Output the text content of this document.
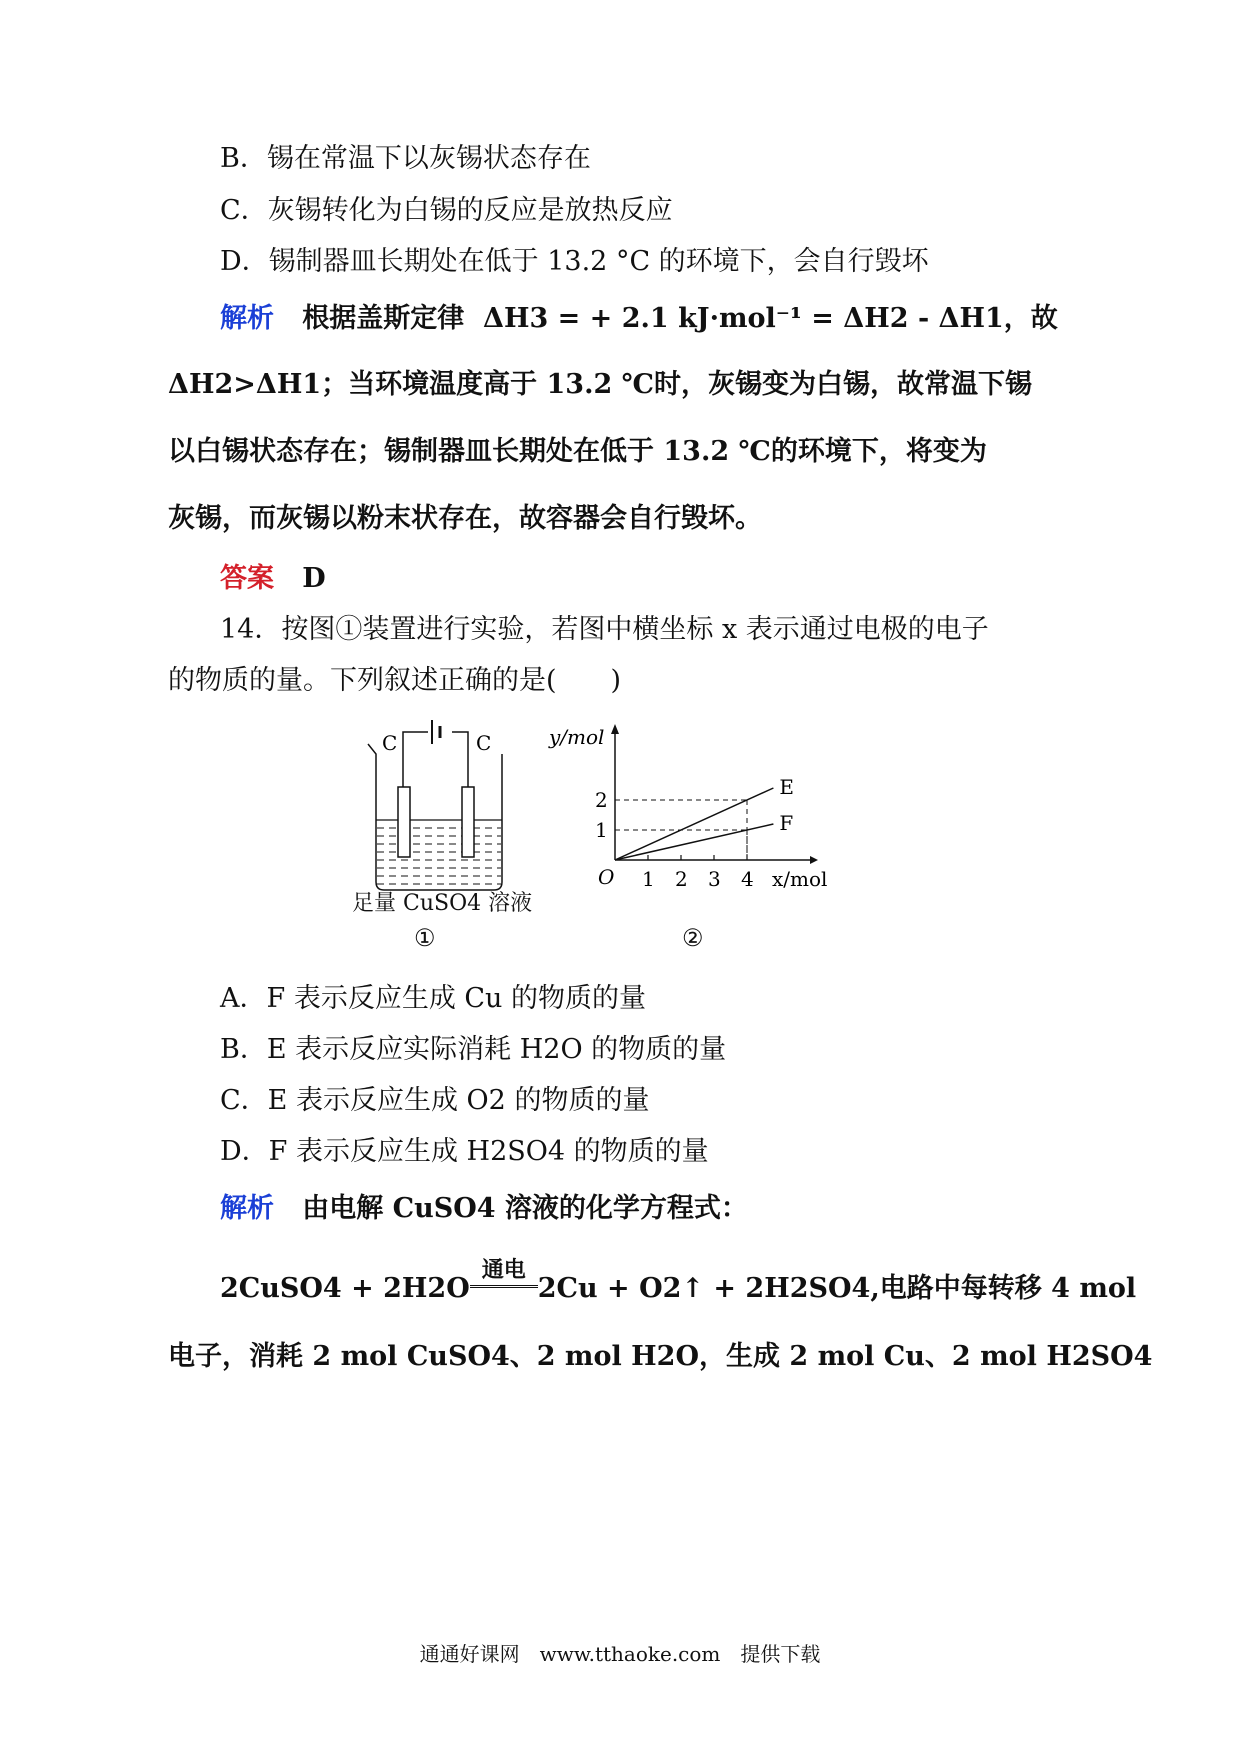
B．锡在常温下以灰锡状态存在
C．灰锡转化为白锡的反应是放热反应
D．锡制器皿长期处在低于 13.2 °C 的环境下，会自行毁坏
解析 根据盖斯定律 ΔH3 = + 2.1 kJ·mol⁻¹ = ΔH2 - ΔH1，故
ΔH2>ΔH1；当环境温度高于 13.2 ℃时，灰锡变为白锡，故常温下锡
以白锡状态存在；锡制器皿长期处在低于 13.2 ℃的环境下，将变为
灰锡，而灰锡以粉末状存在，故容器会自行毁坏。
答案 D
14．按图①装置进行实验，若图中横坐标 x 表示通过电极的电子
的物质的量。下列叙述正确的是(　　)
C	C
足量 CuSO4 溶液
①
y/mol
x/mol
O 1 2 3 4
1
2
E
F
②
A．F 表示反应生成 Cu 的物质的量
B．E 表示反应实际消耗 H2O 的物质的量
C．E 表示反应生成 O2 的物质的量
D．F 表示反应生成 H2SO4 的物质的量
解析 由电解 CuSO4 溶液的化学方程式：
2CuSO4 + 2H2O
通电
2Cu + O2↑ + 2H2SO4,电路中每转移 4 mol
电子，消耗 2 mol CuSO4、2 mol H2O，生成 2 mol Cu、2 mol H2SO4
通通好课网　www.tthaoke.com　提供下载
